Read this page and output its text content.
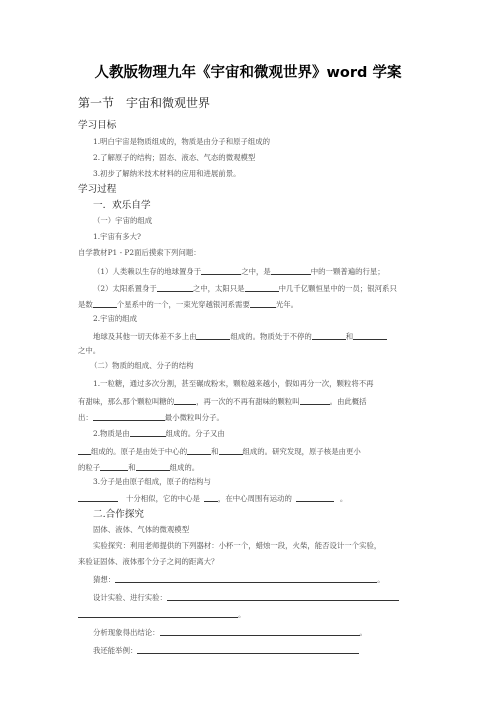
人教版物理九年《宇宙和微观世界》word 学案
第一节　宇宙和微观世界
学习目标
1.明白宇宙是物质组成的，物质是由分子和原子组成的
2.了解原子的结构；固态、液态、气态的微观模型
3.初步了解纳米技术材料的应用和进展前景。
学习过程
一．欢乐自学
（一）宇宙的组成
1.宇宙有多大?
自学教材P1 - P2面后摸索下列问题：
（1）人类赖以生存的地球置身于	之中，是	中的一颗普遍的行星；
（2）太阳系置身于	之中，太阳只是	中几千亿颗恒星中的一员；银河系只
是数	个星系中的一个，一束光穿越银河系需要	光年。
2.宇宙的组成
地球及其他一切天体差不多上由	组成的。物质处于不停的	和
之中。
（二）物质的组成、分子的结构
1.一粒糖，通过多次分割，甚至碾成粉末，颗粒越来越小，假如再分一次，颗粒将不再
有甜味，那么那个颗粒叫糖的	，再一次的不再有甜味的颗粒叫	。由此概括
出：	最小微粒叫分子。
2.物质是由	组成的。分子又由
组成的。原子是由处于中心的	和	组成的。研究发现，原子核是由更小
的粒子	和	组成的。
3.分子是由原子组成，原子的结构与
十分相似，它的中心是 ，在中心周围有运动的	。
二.合作探究
固体、液体、气体的微观模型
实验探究：利用老师提供的下列器材：小杯一个，蜡烛一段，火柴，能否设计一个实验，
来验证固体、液体那个分子之间的距离大？
猜想：	。
设计实验、进行实验：
。
分析现象得出结论：	。
我还能举例：
